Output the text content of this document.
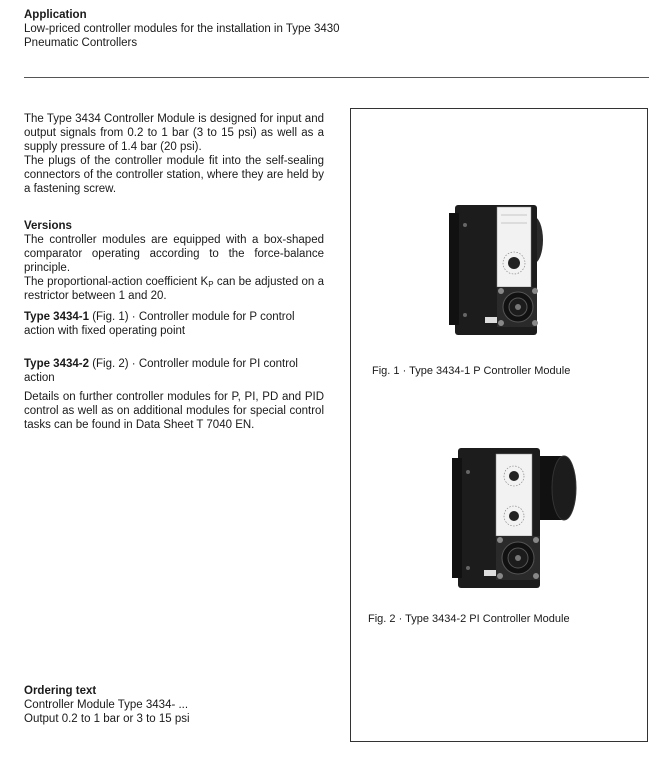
Application

Low-priced controller modules for the installation in Type 3430

Pneumatic Controllers

The Type 3434 Controller Module is designed for input and output signals from 0.2 to 1 bar (3 to 15 psi) as well as a supply pressure of 1.4 bar (20 psi).

The plugs of the controller module fit into the self-sealing connectors of the controller station, where they are held by a fastening screw.

Versions

The controller modules are equipped with a box-shaped comparator operating according to the force-balance principle.

The proportional-action coefficient $K_P$ can be adjusted on a restrictor between 1 and 20.

Type 3434-1 (Fig. 1) · Controller module for P control action with fixed operating point

Type 3434-2 (Fig. 2) · Controller module for PI control action

Details on further controller modules for P, PI, PD and PID control as well as on additional modules for special control tasks can be found in Data Sheet T 7040 EN.

Ordering text

Controller Module Type 3434- ...

Output 0.2 to 1 bar or 3 to 15 psi

Fig. 1 · Type 3434-1 P Controller Module
Fig. 2 · Type 3434-2 PI Controller Module
